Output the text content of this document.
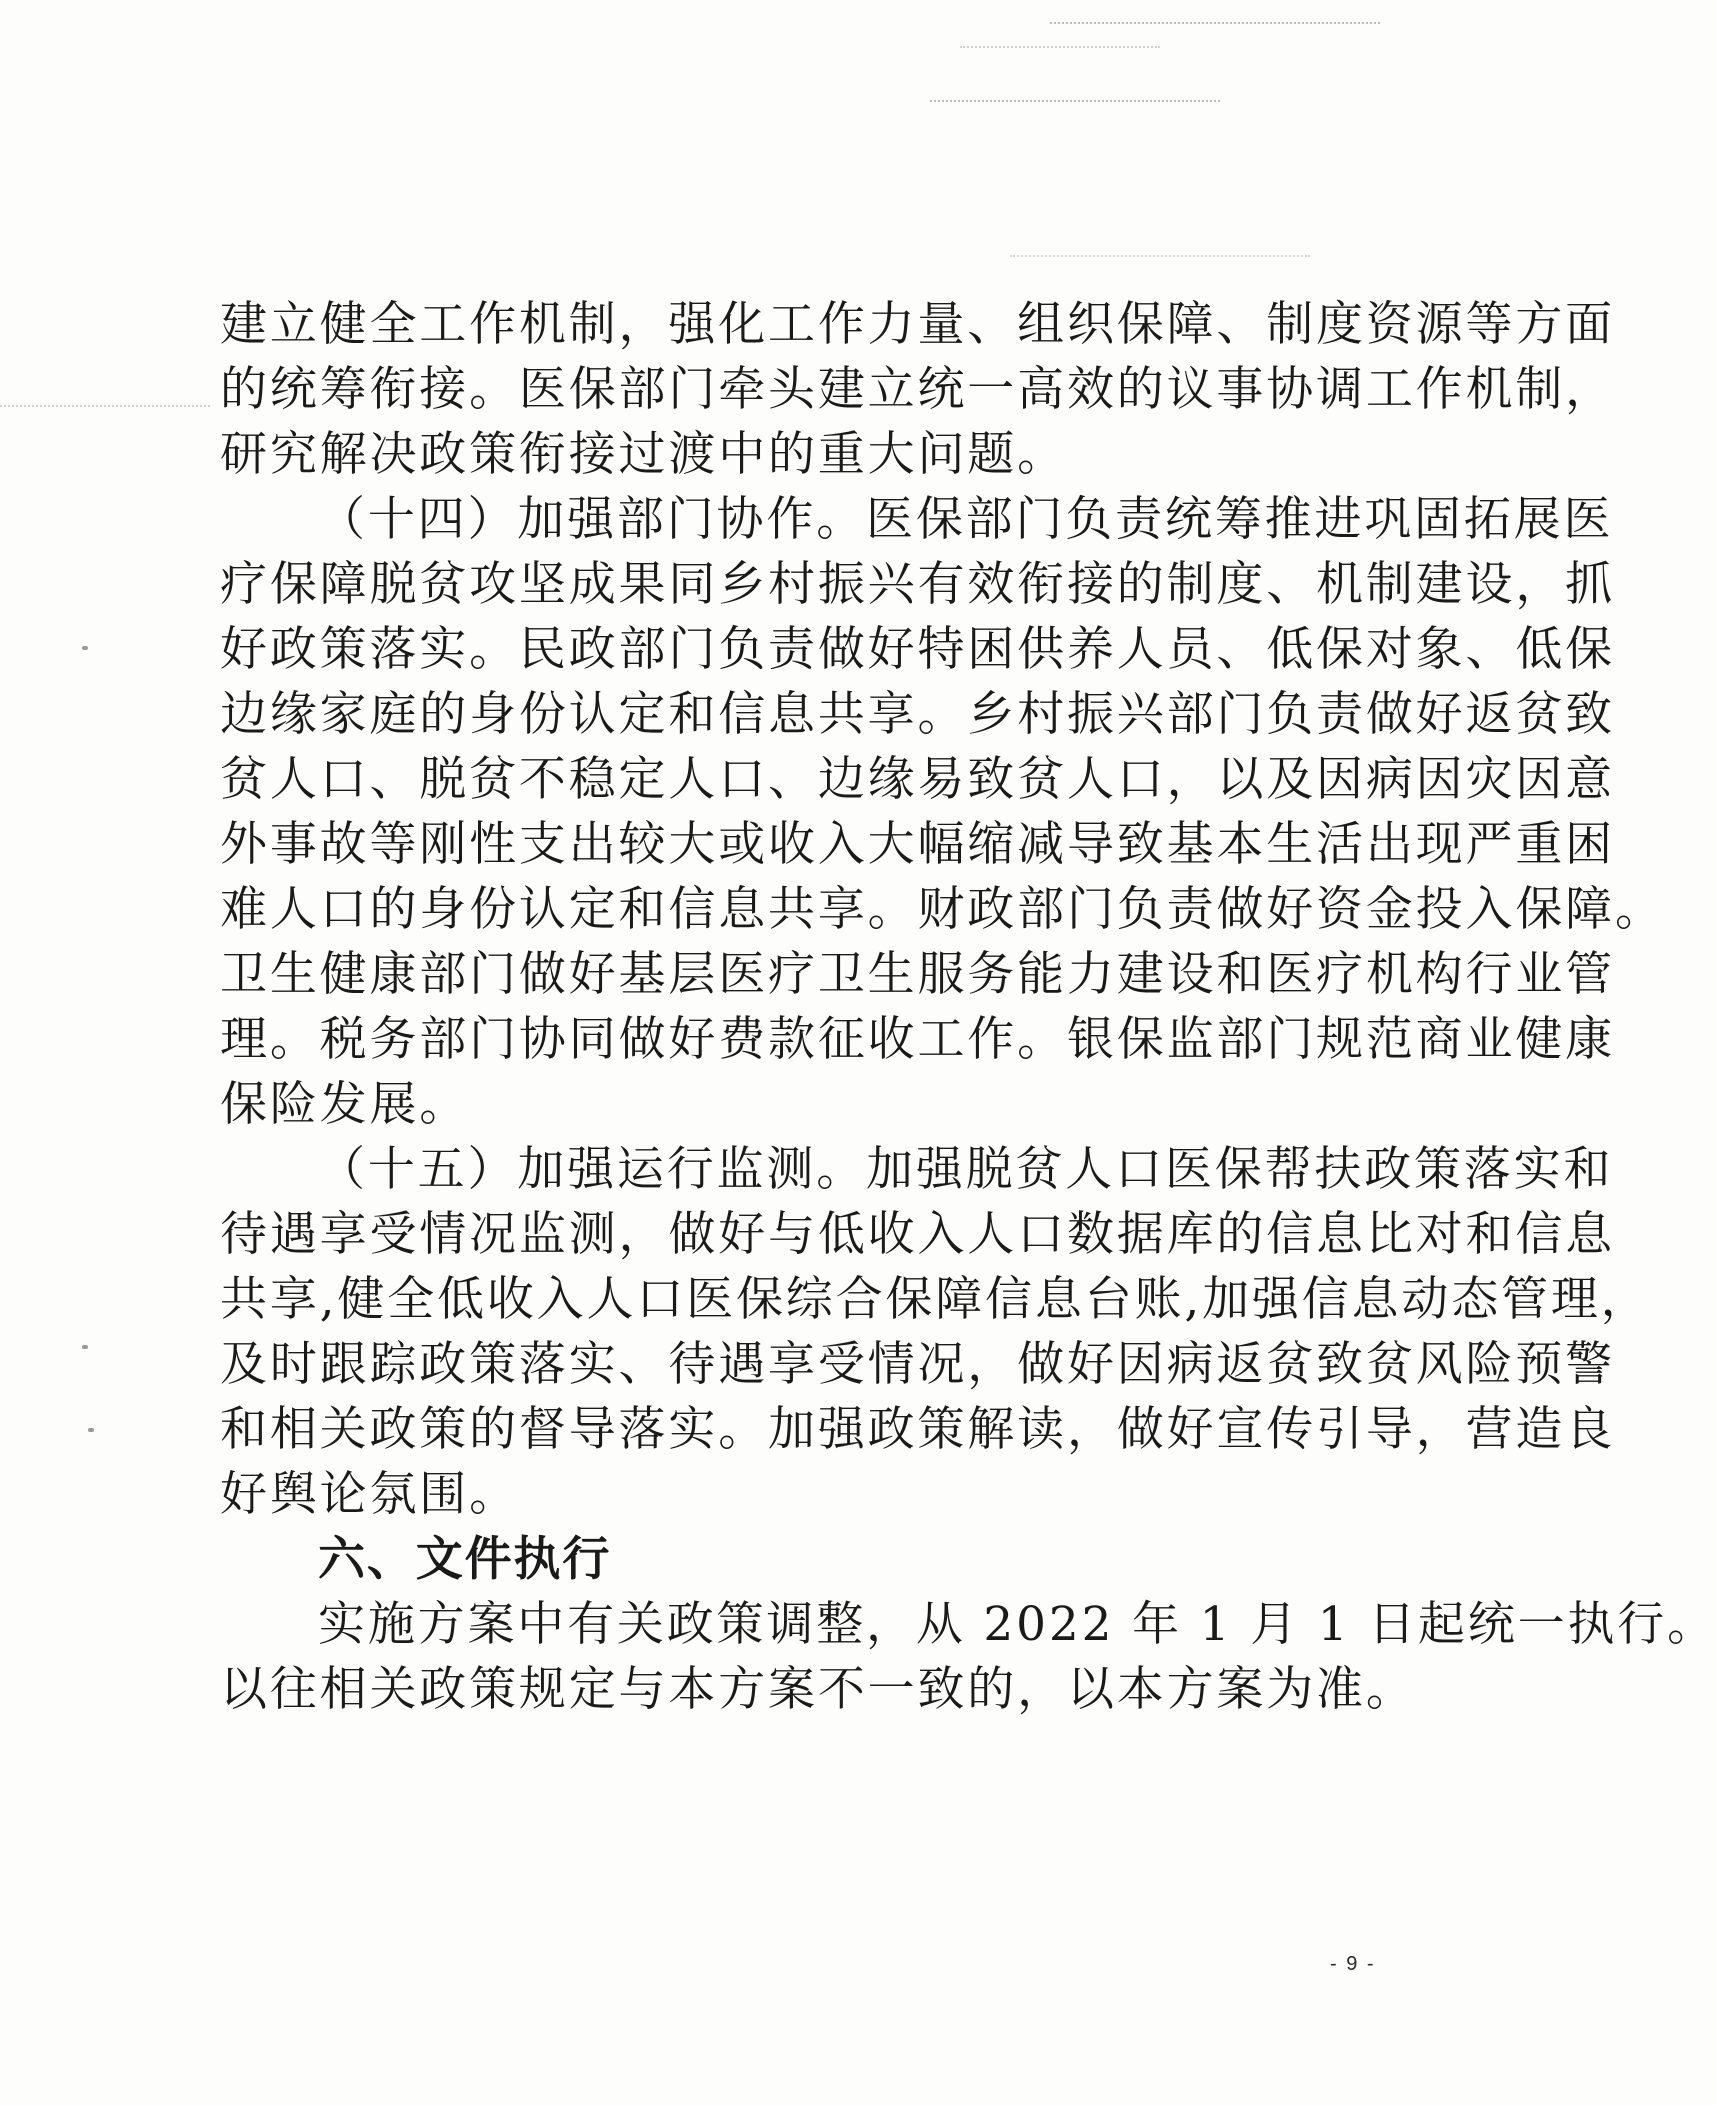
建立健全工作机制，强化工作力量、组织保障、制度资源等方面
的统筹衔接。医保部门牵头建立统一高效的议事协调工作机制，
研究解决政策衔接过渡中的重大问题。
（十四）加强部门协作。医保部门负责统筹推进巩固拓展医
疗保障脱贫攻坚成果同乡村振兴有效衔接的制度、机制建设，抓
好政策落实。民政部门负责做好特困供养人员、低保对象、低保
边缘家庭的身份认定和信息共享。乡村振兴部门负责做好返贫致
贫人口、脱贫不稳定人口、边缘易致贫人口，以及因病因灾因意
外事故等刚性支出较大或收入大幅缩减导致基本生活出现严重困
难人口的身份认定和信息共享。财政部门负责做好资金投入保障。
卫生健康部门做好基层医疗卫生服务能力建设和医疗机构行业管
理。税务部门协同做好费款征收工作。银保监部门规范商业健康
保险发展。
（十五）加强运行监测。加强脱贫人口医保帮扶政策落实和
待遇享受情况监测，做好与低收入人口数据库的信息比对和信息
共享,健全低收入人口医保综合保障信息台账,加强信息动态管理，
及时跟踪政策落实、待遇享受情况，做好因病返贫致贫风险预警
和相关政策的督导落实。加强政策解读，做好宣传引导，营造良
好舆论氛围。
六、文件执行
实施方案中有关政策调整，从 2022 年 1 月 1 日起统一执行。
以往相关政策规定与本方案不一致的，以本方案为准。
- 9 -
